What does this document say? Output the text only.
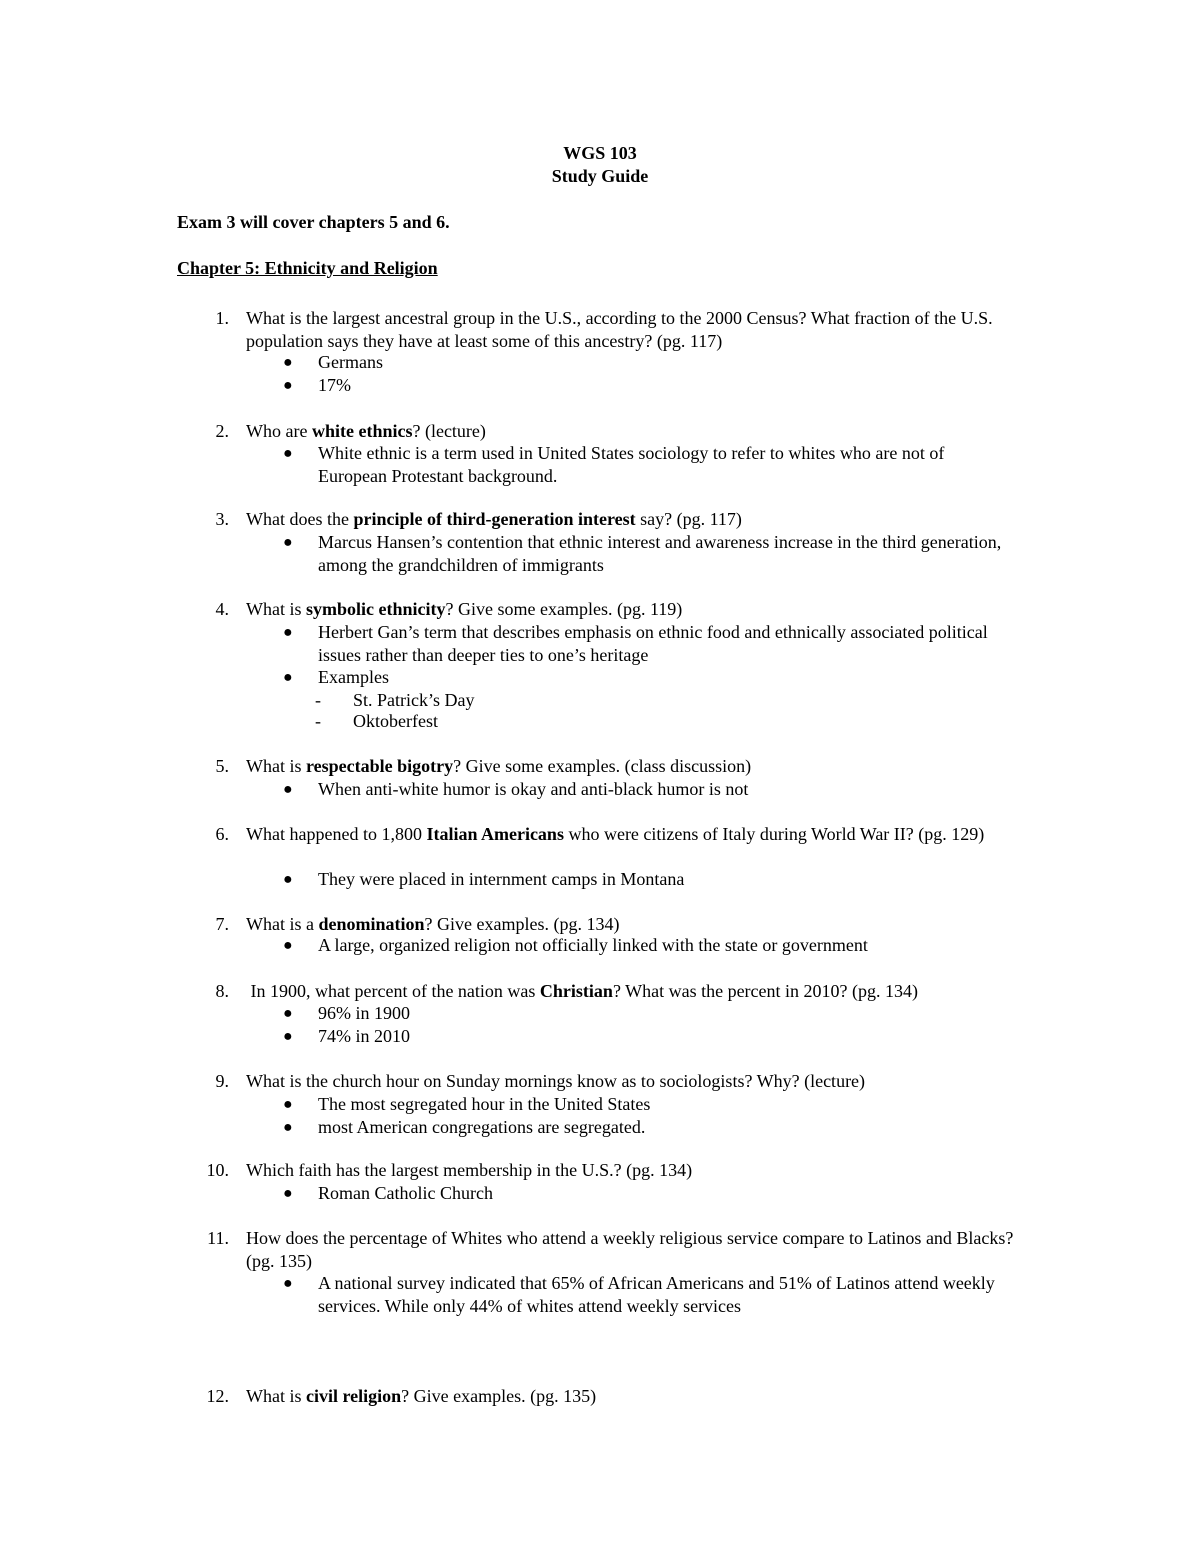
WGS 103
Study Guide
Exam 3 will cover chapters 5 and 6.
Chapter 5: Ethnicity and Religion
1. What is the largest ancestral group in the U.S., according to the 2000 Census? What fraction of the U.S. population says they have at least some of this ancestry? (pg. 117)
● Germans
● 17%
2. Who are white ethnics? (lecture)
● White ethnic is a term used in United States sociology to refer to whites who are not of European Protestant background.
3. What does the principle of third-generation interest say? (pg. 117)
● Marcus Hansen’s contention that ethnic interest and awareness increase in the third generation, among the grandchildren of immigrants
4. What is symbolic ethnicity? Give some examples. (pg. 119)
● Herbert Gan’s term that describes emphasis on ethnic food and ethnically associated political issues rather than deeper ties to one’s heritage
● Examples
- St. Patrick’s Day
- Oktoberfest
5. What is respectable bigotry? Give some examples. (class discussion)
● When anti-white humor is okay and anti-black humor is not
6. What happened to 1,800 Italian Americans who were citizens of Italy during World War II? (pg. 129)
● They were placed in internment camps in Montana
7. What is a denomination? Give examples. (pg. 134)
● A large, organized religion not officially linked with the state or government
8. In 1900, what percent of the nation was Christian? What was the percent in 2010? (pg. 134)
● 96% in 1900
● 74% in 2010
9. What is the church hour on Sunday mornings know as to sociologists? Why? (lecture)
● The most segregated hour in the United States
● most American congregations are segregated.
10. Which faith has the largest membership in the U.S.? (pg. 134)
● Roman Catholic Church
11. How does the percentage of Whites who attend a weekly religious service compare to Latinos and Blacks? (pg. 135)
● A national survey indicated that 65% of African Americans and 51% of Latinos attend weekly services. While only 44% of whites attend weekly services
12. What is civil religion? Give examples. (pg. 135)
